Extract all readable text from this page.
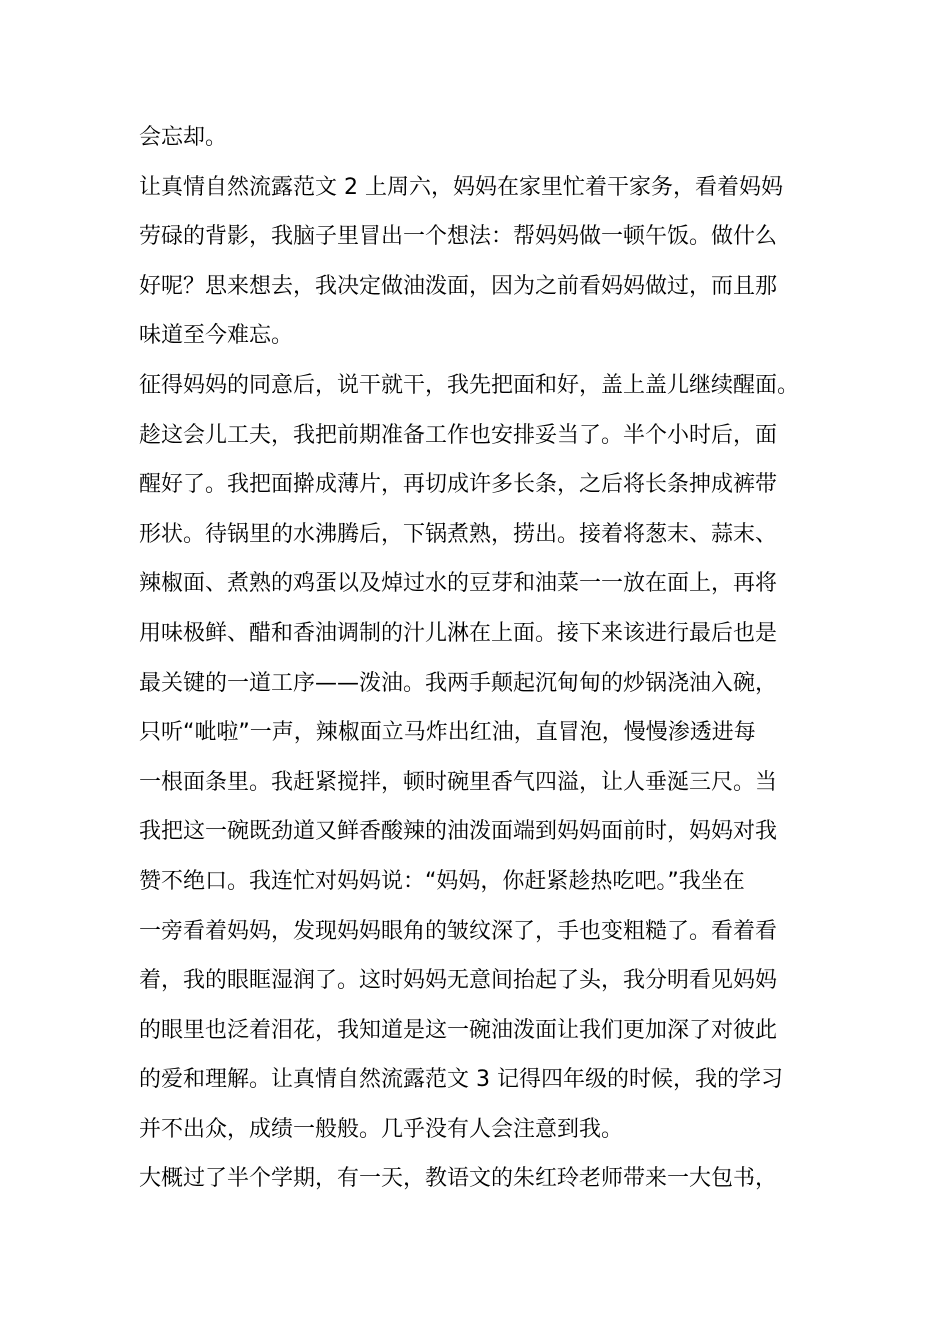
会忘却。
让真情自然流露范文 2 上周六，妈妈在家里忙着干家务，看着妈妈
劳碌的背影，我脑子里冒出一个想法：帮妈妈做一顿午饭。做什么
好呢？思来想去，我决定做油泼面，因为之前看妈妈做过，而且那
味道至今难忘。
征得妈妈的同意后，说干就干，我先把面和好，盖上盖儿继续醒面。
趁这会儿工夫，我把前期准备工作也安排妥当了。半个小时后，面
醒好了。我把面擀成薄片，再切成许多长条，之后将长条抻成裤带
形状。待锅里的水沸腾后，下锅煮熟，捞出。接着将葱末、蒜末、
辣椒面、煮熟的鸡蛋以及焯过水的豆芽和油菜一一放在面上，再将
用味极鲜、醋和香油调制的汁儿淋在上面。接下来该进行最后也是
最关键的一道工序——泼油。我两手颠起沉甸甸的炒锅浇油入碗，
只听“呲啦”一声，辣椒面立马炸出红油，直冒泡，慢慢渗透进每
一根面条里。我赶紧搅拌，顿时碗里香气四溢，让人垂涎三尺。当
我把这一碗既劲道又鲜香酸辣的油泼面端到妈妈面前时，妈妈对我
赞不绝口。我连忙对妈妈说：“妈妈，你赶紧趁热吃吧。”我坐在
一旁看着妈妈，发现妈妈眼角的皱纹深了，手也变粗糙了。看着看
着，我的眼眶湿润了。这时妈妈无意间抬起了头，我分明看见妈妈
的眼里也泛着泪花，我知道是这一碗油泼面让我们更加深了对彼此
的爱和理解。让真情自然流露范文 3 记得四年级的时候，我的学习
并不出众，成绩一般般。几乎没有人会注意到我。
大概过了半个学期，有一天，教语文的朱红玲老师带来一大包书，
